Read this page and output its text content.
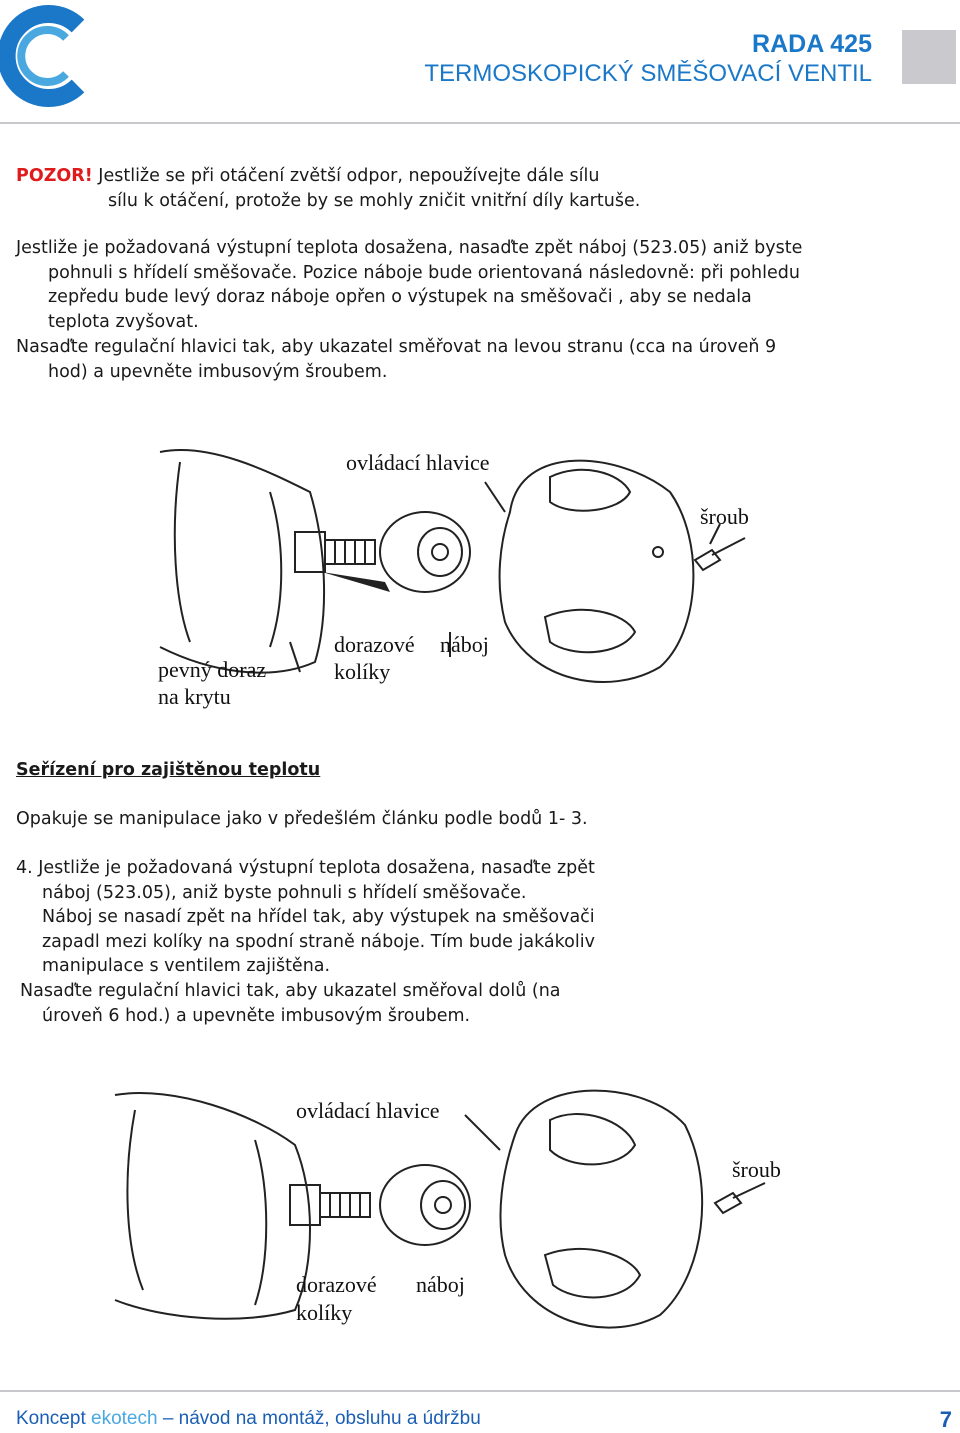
RADA 425
TERMOSKOPICKÝ SMĚŠOVACÍ VENTIL
POZOR! Jestliže se při otáčení zvětší odpor, nepoužívejte dále sílu
sílu k otáčení, protože by se mohly zničit vnitřní díly kartuše.
Jestliže je požadovaná výstupní teplota dosažena, nasaďte zpět náboj (523.05) aniž byste
pohnuli s hřídelí směšovače. Pozice náboje bude orientovaná následovně: při pohledu
zepředu bude levý doraz náboje opřen o výstupek na směšovači , aby se nedala
teplota zvyšovat.
Nasaďte regulační hlavici tak, aby ukazatel směřovat na levou stranu (cca na úroveň 9
hod) a upevněte imbusovým šroubem.
ovládací hlavice
šroub
dorazové
kolíky
náboj
pevný doraz
na krytu
Seřízení pro zajištěnou teplotu
Opakuje se manipulace jako v předešlém článku podle bodů 1- 3.
4. Jestliže je požadovaná výstupní teplota dosažena, nasaďte zpět
náboj (523.05), aniž byste pohnuli s hřídelí směšovače.
Náboj se nasadí zpět na hřídel tak, aby výstupek na směšovači
zapadl mezi kolíky na spodní straně náboje. Tím bude jakákoliv
manipulace s ventilem zajištěna.
Nasaďte regulační hlavici tak, aby ukazatel směřoval dolů (na
úroveň 6 hod.) a upevněte imbusovým šroubem.
ovládací hlavice
šroub
dorazové
kolíky
náboj
Koncept ekotech – návod na montáž, obsluhu a údržbu	7
